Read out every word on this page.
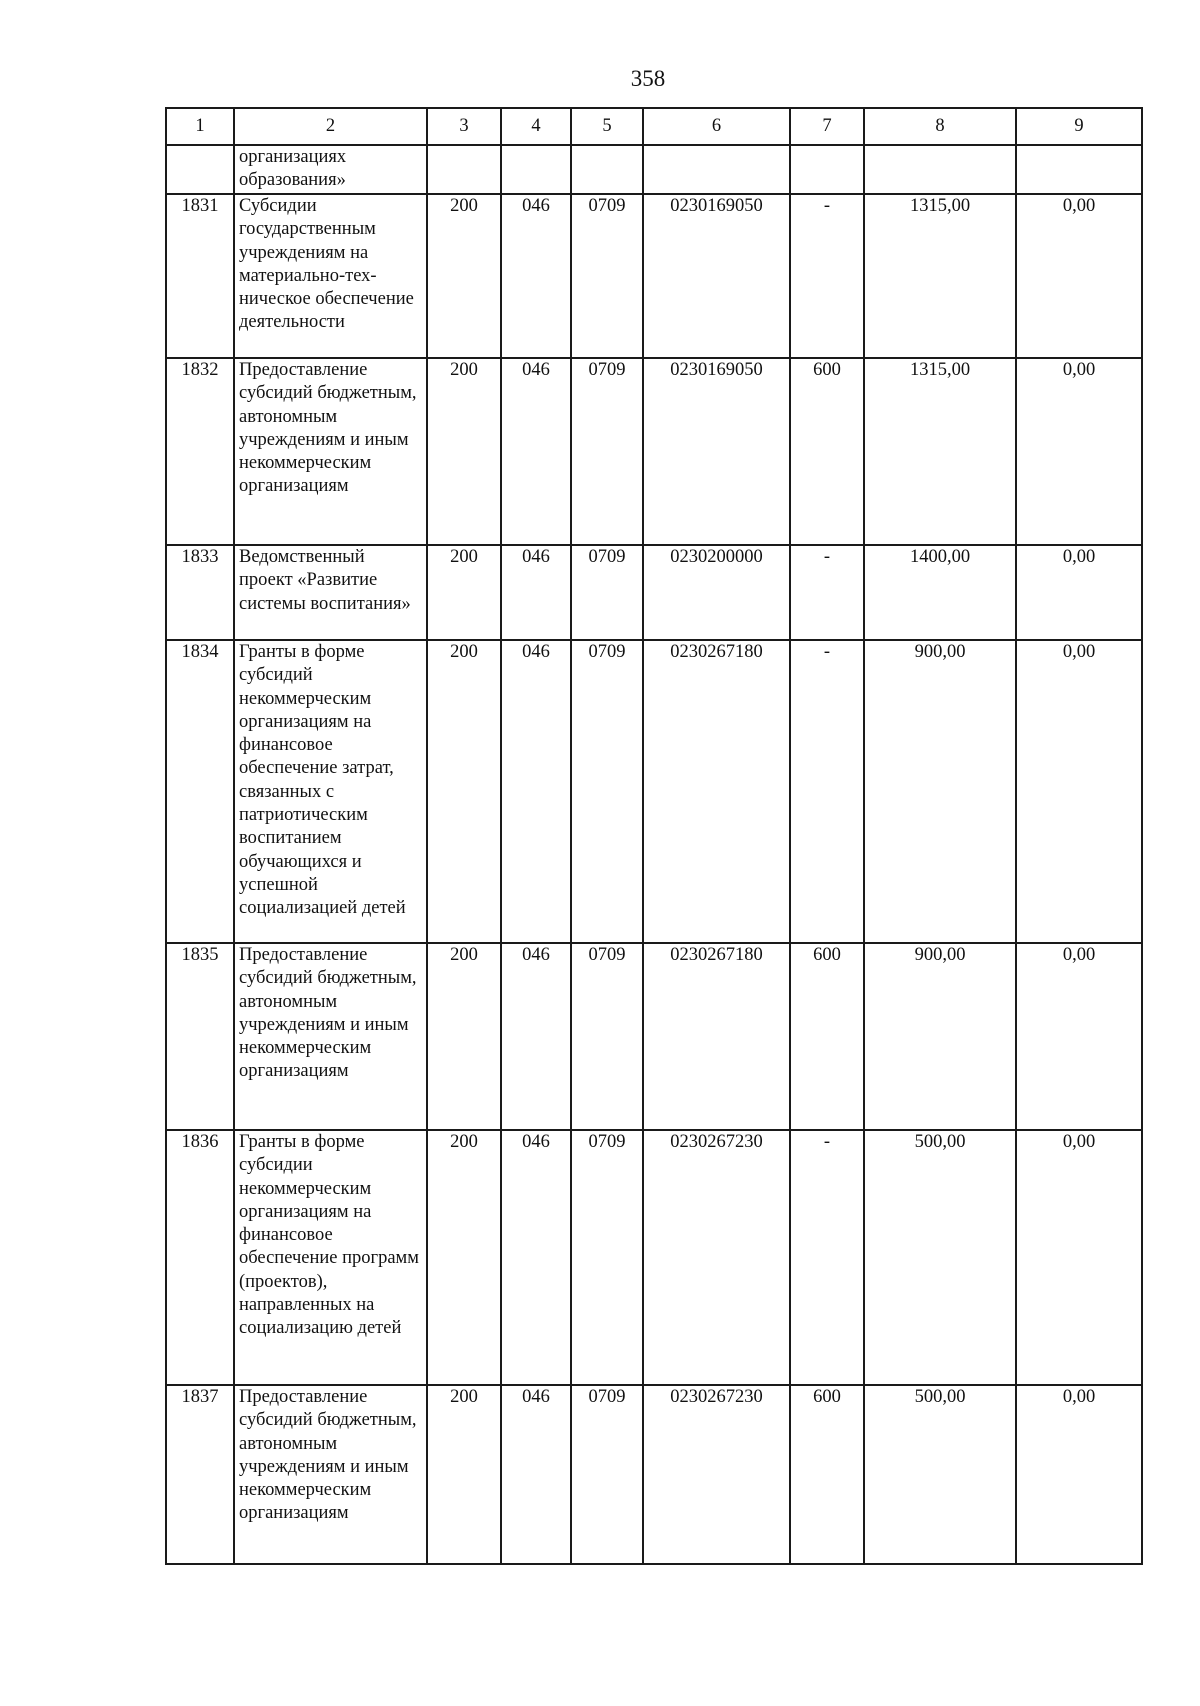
358
1	2	3	4	5	6	7	8	9
	организациях образования»							
1831	Субсидии государственным учреждениям на материально-тех-ническое обеспечение деятельности	200	046	0709	0230169050	-	1315,00	0,00
1832	Предоставление субсидий бюджетным, автономным учреждениям и иным некоммерческим организациям	200	046	0709	0230169050	600	1315,00	0,00
1833	Ведомственный проект «Развитие системы воспитания»	200	046	0709	0230200000	-	1400,00	0,00
1834	Гранты в форме субсидий некоммерческим организациям на финансовое обеспечение затрат, связанных с патриотическим воспитанием обучающихся и успешной социализацией детей	200	046	0709	0230267180	-	900,00	0,00
1835	Предоставление субсидий бюджетным, автономным учреждениям и иным некоммерческим организациям	200	046	0709	0230267180	600	900,00	0,00
1836	Гранты в форме субсидии некоммерческим организациям на финансовое обеспечение программ (проектов), направленных на социализацию детей	200	046	0709	0230267230	-	500,00	0,00
1837	Предоставление субсидий бюджетным, автономным учреждениям и иным некоммерческим организациям	200	046	0709	0230267230	600	500,00	0,00
